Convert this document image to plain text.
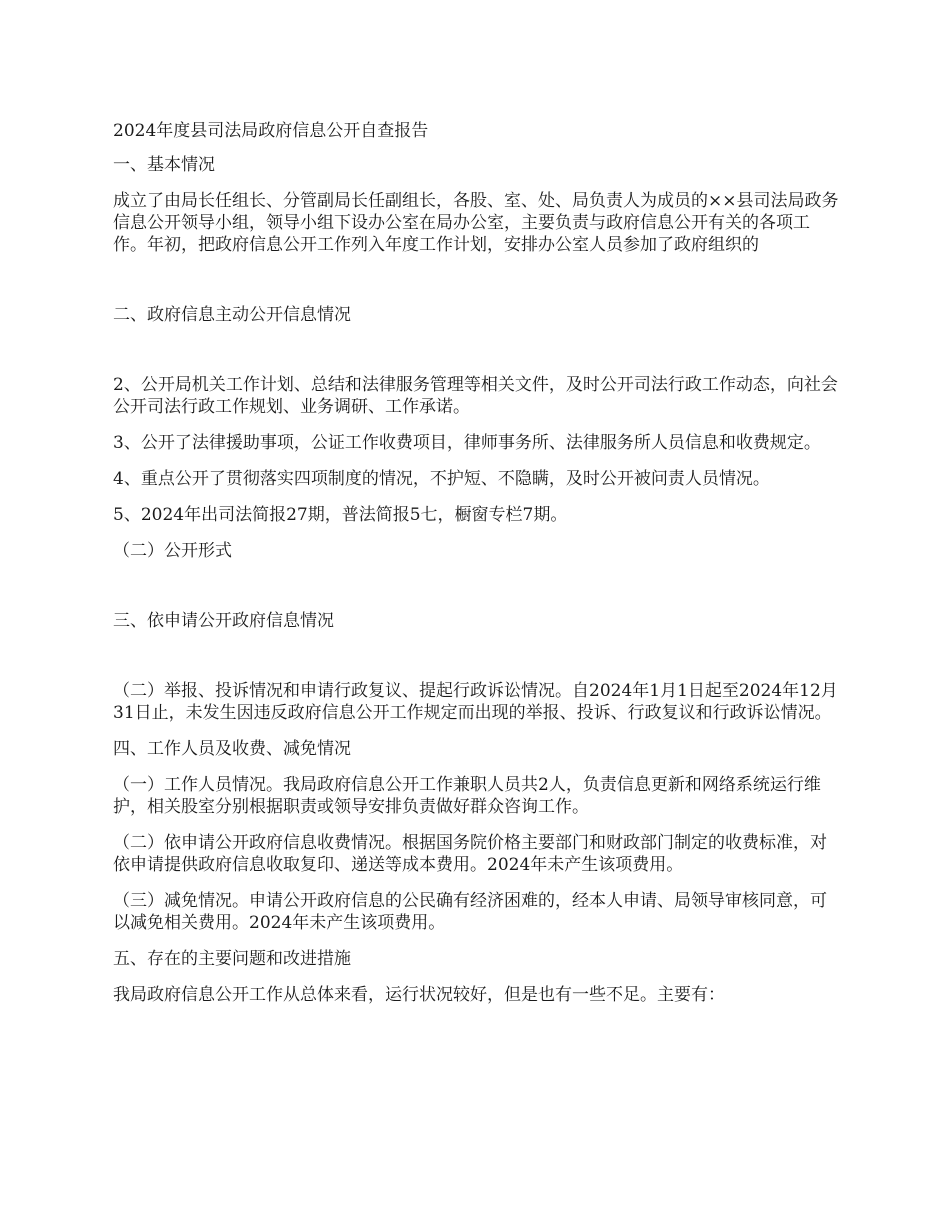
2024年度县司法局政府信息公开自查报告

一、基本情况

成立了由局长任组长、分管副局长任副组长，各股、室、处、局负责人为成员的××县司法局政务信息公开领导小组，领导小组下设办公室在局办公室，主要负责与政府信息公开有关的各项工作。年初，把政府信息公开工作列入年度工作计划，安排办公室人员参加了政府组织的

二、政府信息主动公开信息情况

2、公开局机关工作计划、总结和法律服务管理等相关文件，及时公开司法行政工作动态，向社会公开司法行政工作规划、业务调研、工作承诺。

3、公开了法律援助事项，公证工作收费项目，律师事务所、法律服务所人员信息和收费规定。

4、重点公开了贯彻落实四项制度的情况，不护短、不隐瞒，及时公开被问责人员情况。

5、2024年出司法简报27期，普法简报5七，橱窗专栏7期。

（二）公开形式

三、依申请公开政府信息情况

（二）举报、投诉情况和申请行政复议、提起行政诉讼情况。自2024年1月1日起至2024年12月31日止，未发生因违反政府信息公开工作规定而出现的举报、投诉、行政复议和行政诉讼情况。

四、工作人员及收费、减免情况

（一）工作人员情况。我局政府信息公开工作兼职人员共2人，负责信息更新和网络系统运行维护，相关股室分别根据职责或领导安排负责做好群众咨询工作。

（二）依申请公开政府信息收费情况。根据国务院价格主要部门和财政部门制定的收费标准，对依申请提供政府信息收取复印、递送等成本费用。2024年未产生该项费用。

（三）减免情况。申请公开政府信息的公民确有经济困难的，经本人申请、局领导审核同意，可以减免相关费用。2024年未产生该项费用。

五、存在的主要问题和改进措施

我局政府信息公开工作从总体来看，运行状况较好，但是也有一些不足。主要有：
